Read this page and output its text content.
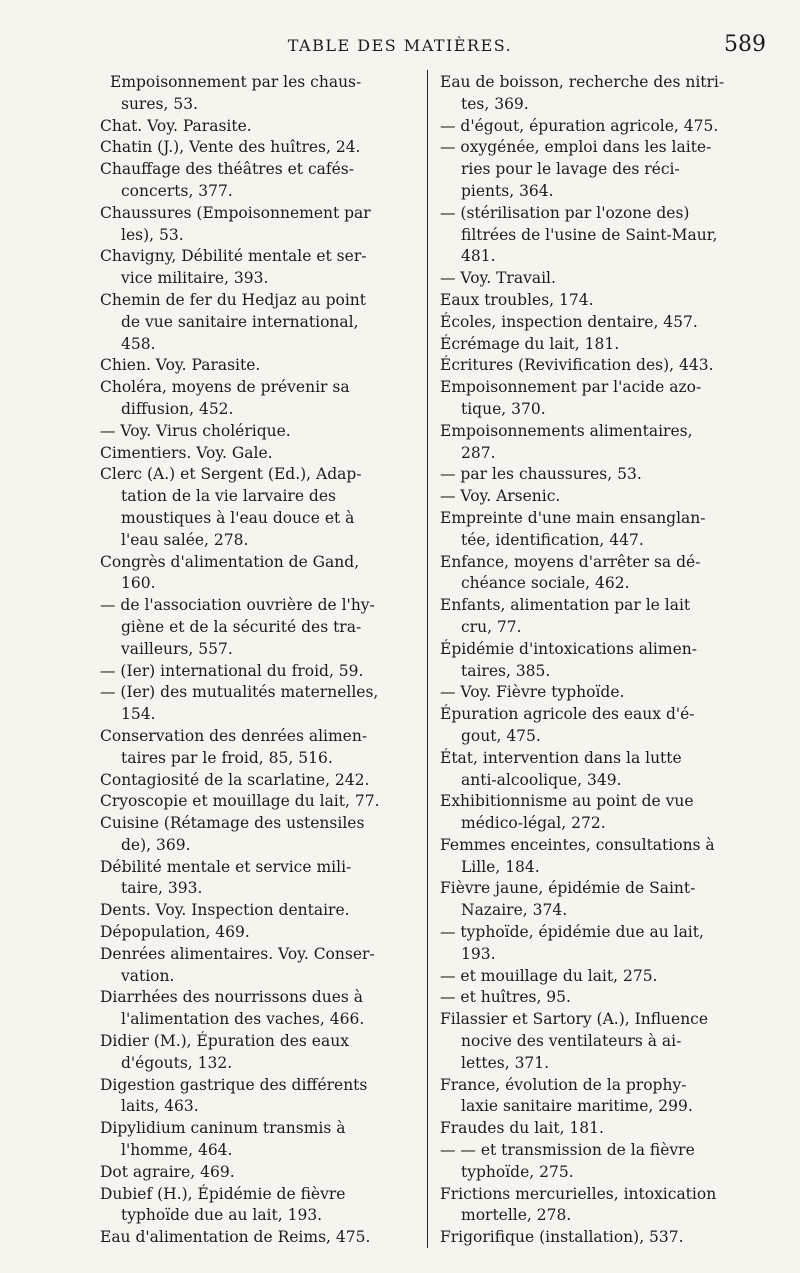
TABLE DES MATIÈRES.	589
Empoisonnement par les chaus-
sures, 53.
Chat. Voy. Parasite.
Chatin (J.), Vente des huîtres, 24.
Chauffage des théâtres et cafés-
concerts, 377.
Chaussures (Empoisonnement par
les), 53.
Chavigny, Débilité mentale et ser-
vice militaire, 393.
Chemin de fer du Hedjaz au point
de vue sanitaire international,
458.
Chien. Voy. Parasite.
Choléra, moyens de prévenir sa
diffusion, 452.
— Voy. Virus cholérique.
Cimentiers. Voy. Gale.
Clerc (A.) et Sergent (Ed.), Adap-
tation de la vie larvaire des
moustiques à l'eau douce et à
l'eau salée, 278.
Congrès d'alimentation de Gand,
160.
— de l'association ouvrière de l'hy-
giène et de la sécurité des tra-
vailleurs, 557.
— (Ier) international du froid, 59.
— (Ier) des mutualités maternelles,
154.
Conservation des denrées alimen-
taires par le froid, 85, 516.
Contagiosité de la scarlatine, 242.
Cryoscopie et mouillage du lait, 77.
Cuisine (Rétamage des ustensiles
de), 369.
Débilité mentale et service mili-
taire, 393.
Dents. Voy. Inspection dentaire.
Dépopulation, 469.
Denrées alimentaires. Voy. Conser-
vation.
Diarrhées des nourrissons dues à
l'alimentation des vaches, 466.
Didier (M.), Épuration des eaux
d'égouts, 132.
Digestion gastrique des différents
laits, 463.
Dipylidium caninum transmis à
l'homme, 464.
Dot agraire, 469.
Dubief (H.), Épidémie de fièvre
typhoïde due au lait, 193.
Eau d'alimentation de Reims, 475.
Eau de boisson, recherche des nitri-
tes, 369.
— d'égout, épuration agricole, 475.
— oxygénée, emploi dans les laite-
ries pour le lavage des réci-
pients, 364.
— (stérilisation par l'ozone des)
filtrées de l'usine de Saint-Maur,
481.
— Voy. Travail.
Eaux troubles, 174.
Écoles, inspection dentaire, 457.
Écrémage du lait, 181.
Écritures (Revivification des), 443.
Empoisonnement par l'acide azo-
tique, 370.
Empoisonnements alimentaires,
287.
— par les chaussures, 53.
— Voy. Arsenic.
Empreinte d'une main ensanglan-
tée, identification, 447.
Enfance, moyens d'arrêter sa dé-
chéance sociale, 462.
Enfants, alimentation par le lait
cru, 77.
Épidémie d'intoxications alimen-
taires, 385.
— Voy. Fièvre typhoïde.
Épuration agricole des eaux d'é-
gout, 475.
État, intervention dans la lutte
anti-alcoolique, 349.
Exhibitionnisme au point de vue
médico-légal, 272.
Femmes enceintes, consultations à
Lille, 184.
Fièvre jaune, épidémie de Saint-
Nazaire, 374.
— typhoïde, épidémie due au lait,
193.
— et mouillage du lait, 275.
— et huîtres, 95.
Filassier et Sartory (A.), Influence
nocive des ventilateurs à ai-
lettes, 371.
France, évolution de la prophy-
laxie sanitaire maritime, 299.
Fraudes du lait, 181.
— — et transmission de la fièvre
typhoïde, 275.
Frictions mercurielles, intoxication
mortelle, 278.
Frigorifique (installation), 537.
